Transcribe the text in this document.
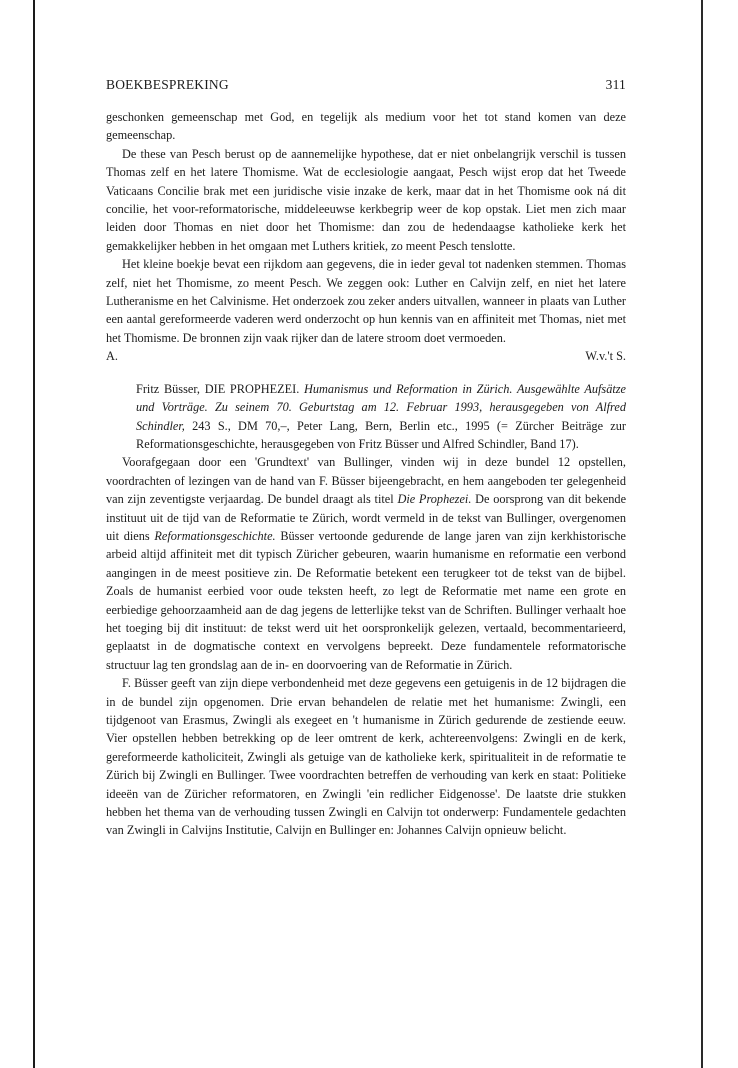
BOEKBESPREKING	311

geschonken gemeenschap met God, en tegelijk als medium voor het tot stand komen van deze gemeenschap.

De these van Pesch berust op de aannemelijke hypothese, dat er niet onbelangrijk verschil is tussen Thomas zelf en het latere Thomisme. Wat de ecclesiologie aangaat, Pesch wijst erop dat het Tweede Vaticaans Concilie brak met een juridische visie inzake de kerk, maar dat in het Thomisme ook ná dit concilie, het voor-reformatorische, middeleeuwse kerkbegrip weer de kop opstak. Liet men zich maar leiden door Thomas en niet door het Thomisme: dan zou de hedendaagse katholieke kerk het gemakkelijker hebben in het omgaan met Luthers kritiek, zo meent Pesch tenslotte.

Het kleine boekje bevat een rijkdom aan gegevens, die in ieder geval tot nadenken stemmen. Thomas zelf, niet het Thomisme, zo meent Pesch. We zeggen ook: Luther en Calvijn zelf, en niet het latere Lutheranisme en het Calvinisme. Het onderzoek zou zeker anders uitvallen, wanneer in plaats van Luther een aantal gereformeerde vaderen werd onderzocht op hun kennis van en affiniteit met Thomas, niet met het Thomisme. De bronnen zijn vaak rijker dan de latere stroom doet vermoeden.

A.	W.v.'t S.

Fritz Büsser, DIE PROPHEZEI. Humanismus und Reformation in Zürich. Ausgewählte Aufsätze und Vorträge. Zu seinem 70. Geburtstag am 12. Februar 1993, herausgegeben von Alfred Schindler, 243 S., DM 70,–, Peter Lang, Bern, Berlin etc., 1995 (= Zürcher Beiträge zur Reformationsgeschichte, herausgegeben von Fritz Büsser und Alfred Schindler, Band 17).

Voorafgegaan door een 'Grundtext' van Bullinger, vinden wij in deze bundel 12 opstellen, voordrachten of lezingen van de hand van F. Büsser bijeengebracht, en hem aangeboden ter gelegenheid van zijn zeventigste verjaardag. De bundel draagt als titel Die Prophezei. De oorsprong van dit bekende instituut uit de tijd van de Reformatie te Zürich, wordt vermeld in de tekst van Bullinger, overgenomen uit diens Reformationsgeschichte. Büsser vertoonde gedurende de lange jaren van zijn kerkhistorische arbeid altijd affiniteit met dit typisch Züricher gebeuren, waarin humanisme en reformatie een verbond aangingen in de meest positieve zin. De Reformatie betekent een terugkeer tot de tekst van de bijbel. Zoals de humanist eerbied voor oude teksten heeft, zo legt de Reformatie met name een grote en eerbiedige gehoorzaamheid aan de dag jegens de letterlijke tekst van de Schriften. Bullinger verhaalt hoe het toeging bij dit instituut: de tekst werd uit het oorspronkelijk gelezen, vertaald, becommentarieerd, geplaatst in de dogmatische context en vervolgens bepreekt. Deze fundamentele reformatorische structuur lag ten grondslag aan de in- en doorvoering van de Reformatie in Zürich.

F. Büsser geeft van zijn diepe verbondenheid met deze gegevens een getuigenis in de 12 bijdragen die in de bundel zijn opgenomen. Drie ervan behandelen de relatie met het humanisme: Zwingli, een tijdgenoot van Erasmus, Zwingli als exegeet en 't humanisme in Zürich gedurende de zestiende eeuw. Vier opstellen hebben betrekking op de leer omtrent de kerk, achtereenvolgens: Zwingli en de kerk, gereformeerde katholiciteit, Zwingli als getuige van de katholieke kerk, spiritualiteit in de reformatie te Zürich bij Zwingli en Bullinger. Twee voordrachten betreffen de verhouding van kerk en staat: Politieke ideeën van de Züricher reformatoren, en Zwingli 'ein redlicher Eidgenosse'. De laatste drie stukken hebben het thema van de verhouding tussen Zwingli en Calvijn tot onderwerp: Fundamentele gedachten van Zwingli in Calvijns Institutie, Calvijn en Bullinger en: Johannes Calvijn opnieuw belicht.
